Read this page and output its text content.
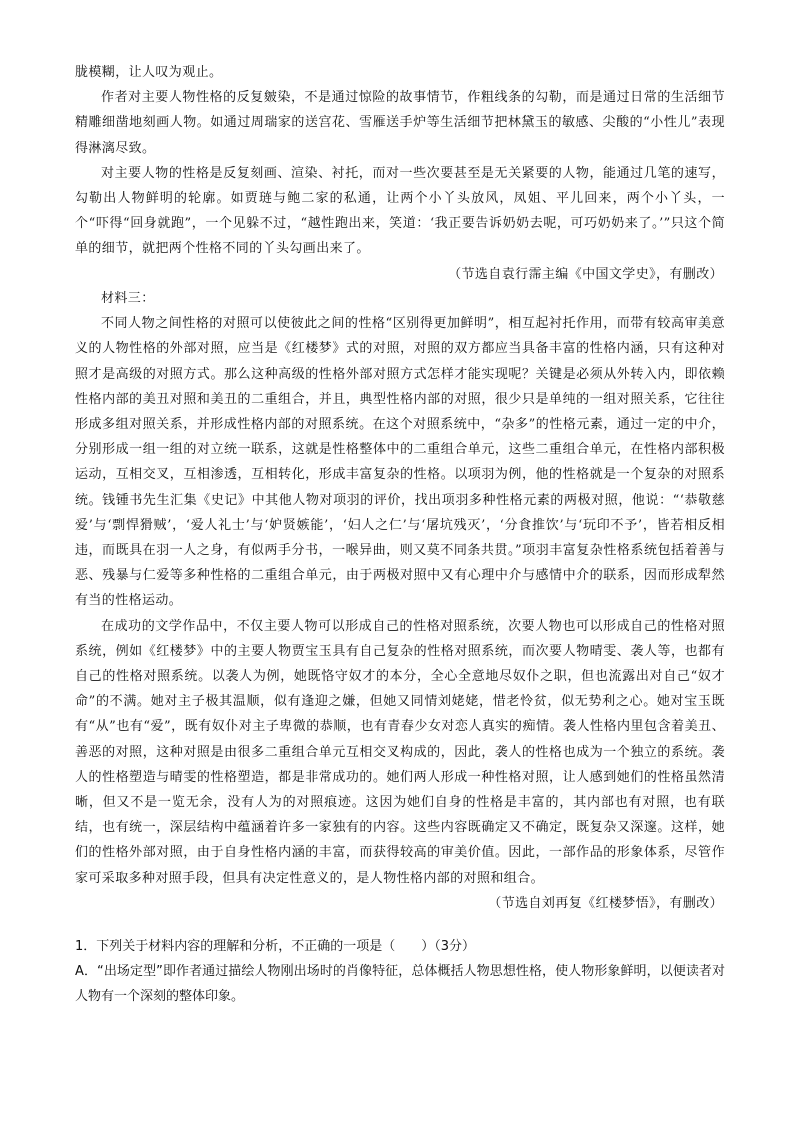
胧模糊，让人叹为观止。

作者对主要人物性格的反复皴染，不是通过惊险的故事情节，作粗线条的勾勒，而是通过日常的生活细节精雕细凿地刻画人物。如通过周瑞家的送宫花、雪雁送手炉等生活细节把林黛玉的敏感、尖酸的“小性儿”表现得淋漓尽致。

对主要人物的性格是反复刻画、渲染、衬托，而对一些次要甚至是无关紧要的人物，能通过几笔的速写，勾勒出人物鲜明的轮廓。如贾琏与鲍二家的私通，让两个小丫头放风，凤姐、平儿回来，两个小丫头，一个“吓得“回身就跑”，一个见躲不过，“越性跑出来，笑道：‘我正要告诉奶奶去呢，可巧奶奶来了。’”只这个简单的细节，就把两个性格不同的丫头勾画出来了。

（节选自袁行霈主编《中国文学史》，有删改）

材料三：

不同人物之间性格的对照可以使彼此之间的性格“区别得更加鲜明”，相互起衬托作用，而带有较高审美意义的人物性格的外部对照，应当是《红楼梦》式的对照，对照的双方都应当具备丰富的性格内涵，只有这种对照才是高级的对照方式。那么这种高级的性格外部对照方式怎样才能实现呢？关键是必须从外转入内，即依赖性格内部的美丑对照和美丑的二重组合，并且，典型性格内部的对照，很少只是单纯的一组对照关系，它往往形成多组对照关系，并形成性格内部的对照系统。在这个对照系统中，“杂多”的性格元素，通过一定的中介，分别形成一组一组的对立统一联系，这就是性格整体中的二重组合单元，这些二重组合单元，在性格内部积极运动，互相交叉，互相渗透，互相转化，形成丰富复杂的性格。以项羽为例，他的性格就是一个复杂的对照系统。钱锺书先生汇集《史记》中其他人物对项羽的评价，找出项羽多种性格元素的两极对照，他说：“‘恭敬慈爱’与‘剽悍猾贼’，‘爱人礼士’与‘妒贤嫉能’，‘妇人之仁’与‘屠坑残灭’，‘分食推饮’与‘玩印不予’，皆若相反相违，而既具在羽一人之身，有似两手分书，一喉异曲，则又莫不同条共贯。”项羽丰富复杂性格系统包括着善与恶、残暴与仁爱等多种性格的二重组合单元，由于两极对照中又有心理中介与感情中介的联系，因而形成犁然有当的性格运动。

在成功的文学作品中，不仅主要人物可以形成自己的性格对照系统，次要人物也可以形成自己的性格对照系统，例如《红楼梦》中的主要人物贾宝玉具有自己复杂的性格对照系统，而次要人物晴雯、袭人等，也都有自己的性格对照系统。以袭人为例，她既恪守奴才的本分，全心全意地尽奴仆之职，但也流露出对自己“奴才命”的不满。她对主子极其温顺，似有逢迎之嫌，但她又同情刘姥姥，惜老怜贫，似无势利之心。她对宝玉既有“从”也有“爱”，既有奴仆对主子卑微的恭顺，也有青春少女对恋人真实的痴情。袭人性格内里包含着美丑、善恶的对照，这种对照是由很多二重组合单元互相交叉构成的，因此，袭人的性格也成为一个独立的系统。袭人的性格塑造与晴雯的性格塑造，都是非常成功的。她们两人形成一种性格对照，让人感到她们的性格虽然清晰，但又不是一览无余，没有人为的对照痕迹。这因为她们自身的性格是丰富的，其内部也有对照，也有联结，也有统一，深层结构中蕴涵着许多一家独有的内容。这些内容既确定又不确定，既复杂又深邃。这样，她们的性格外部对照，由于自身性格内涵的丰富，而获得较高的审美价值。因此，一部作品的形象体系，尽管作家可采取多种对照手段，但具有决定性意义的，是人物性格内部的对照和组合。

（节选自刘再复《红楼梦悟》，有删改）

1．下列关于材料内容的理解和分析，不正确的一项是（　　）（3分）

A．“出场定型”即作者通过描绘人物刚出场时的肖像特征，总体概括人物思想性格，使人物形象鲜明，以便读者对人物有一个深刻的整体印象。
